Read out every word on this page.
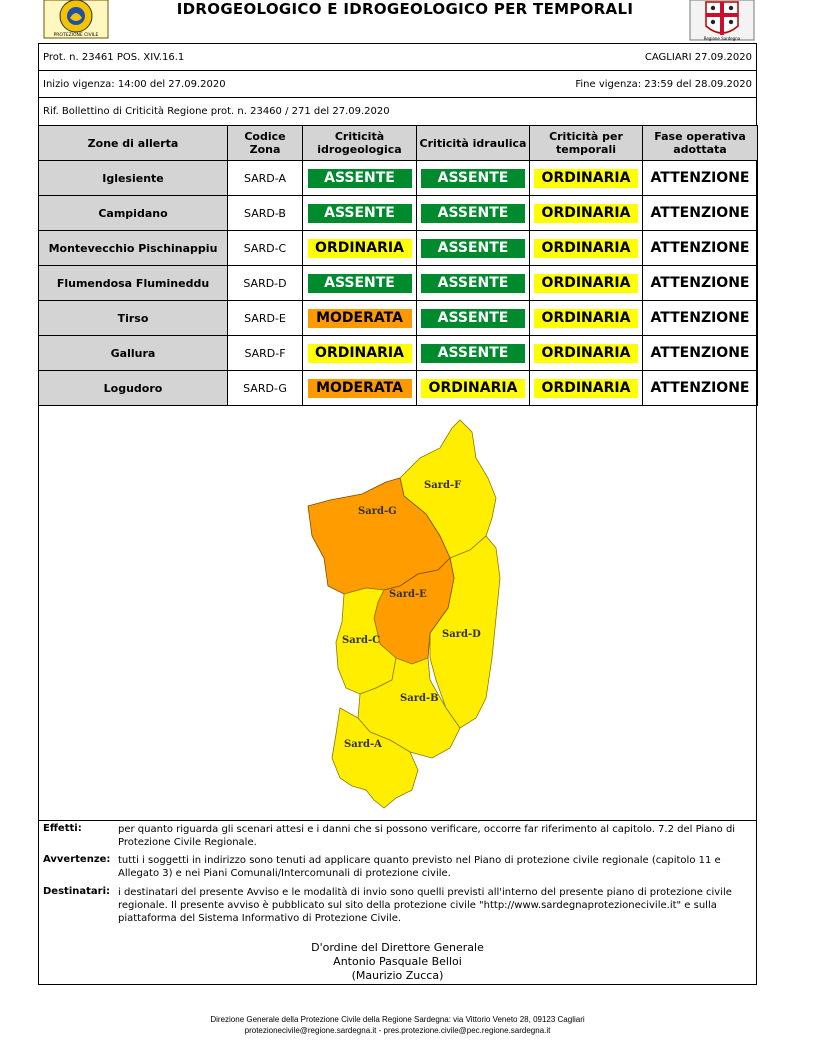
PROTEZIONE CIVILE
Regione Sardegna
IDROGEOLOGICO E IDROGEOLOGICO PER TEMPORALI
Prot. n. 23461 POS. XIV.16.1	CAGLIARI 27.09.2020
Inizio vigenza: 14:00 del 27.09.2020	Fine vigenza: 23:59 del 28.09.2020
Rif. Bollettino di Criticità Regione prot. n. 23460 / 271 del 27.09.2020
Zone di allerta	Codice Zona	Criticità idrogeologica	Criticità idraulica	Criticità per temporali	Fase operativa adottata
Iglesiente	SARD-A	ASSENTE	ASSENTE	ORDINARIA	ATTENZIONE
Campidano	SARD-B	ASSENTE	ASSENTE	ORDINARIA	ATTENZIONE
Montevecchio Pischinappiu	SARD-C	ORDINARIA	ASSENTE	ORDINARIA	ATTENZIONE
Flumendosa Flumineddu	SARD-D	ASSENTE	ASSENTE	ORDINARIA	ATTENZIONE
Tirso	SARD-E	MODERATA	ASSENTE	ORDINARIA	ATTENZIONE
Gallura	SARD-F	ORDINARIA	ASSENTE	ORDINARIA	ATTENZIONE
Logudoro	SARD-G	MODERATA	ORDINARIA	ORDINARIA	ATTENZIONE
Sard-F
Sard-G
Sard-E
Sard-C
Sard-D
Sard-B
Sard-A
Effetti:	per quanto riguarda gli scenari attesi e i danni che si possono verificare, occorre far riferimento al capitolo. 7.2 del Piano di Protezione Civile Regionale.
Avvertenze: tutti i soggetti in indirizzo sono tenuti ad applicare quanto previsto nel Piano di protezione civile regionale (capitolo 11 e Allegato 3) e nei Piani Comunali/Intercomunali di protezione civile.
Destinatari: i destinatari del presente Avviso e le modalità di invio sono quelli previsti all'interno del presente piano di protezione civile regionale. Il presente avviso è pubblicato sul sito della protezione civile "http://www.sardegnaprotezionecivile.it" e sulla piattaforma del Sistema Informativo di Protezione Civile.
D'ordine del Direttore Generale
Antonio Pasquale Belloi
(Maurizio Zucca)
Direzione Generale della Protezione Civile della Regione Sardegna: via Vittorio Veneto 28, 09123 Cagliari
protezionecivile@regione.sardegna.it - pres.protezione.civile@pec.regione.sardegna.it
